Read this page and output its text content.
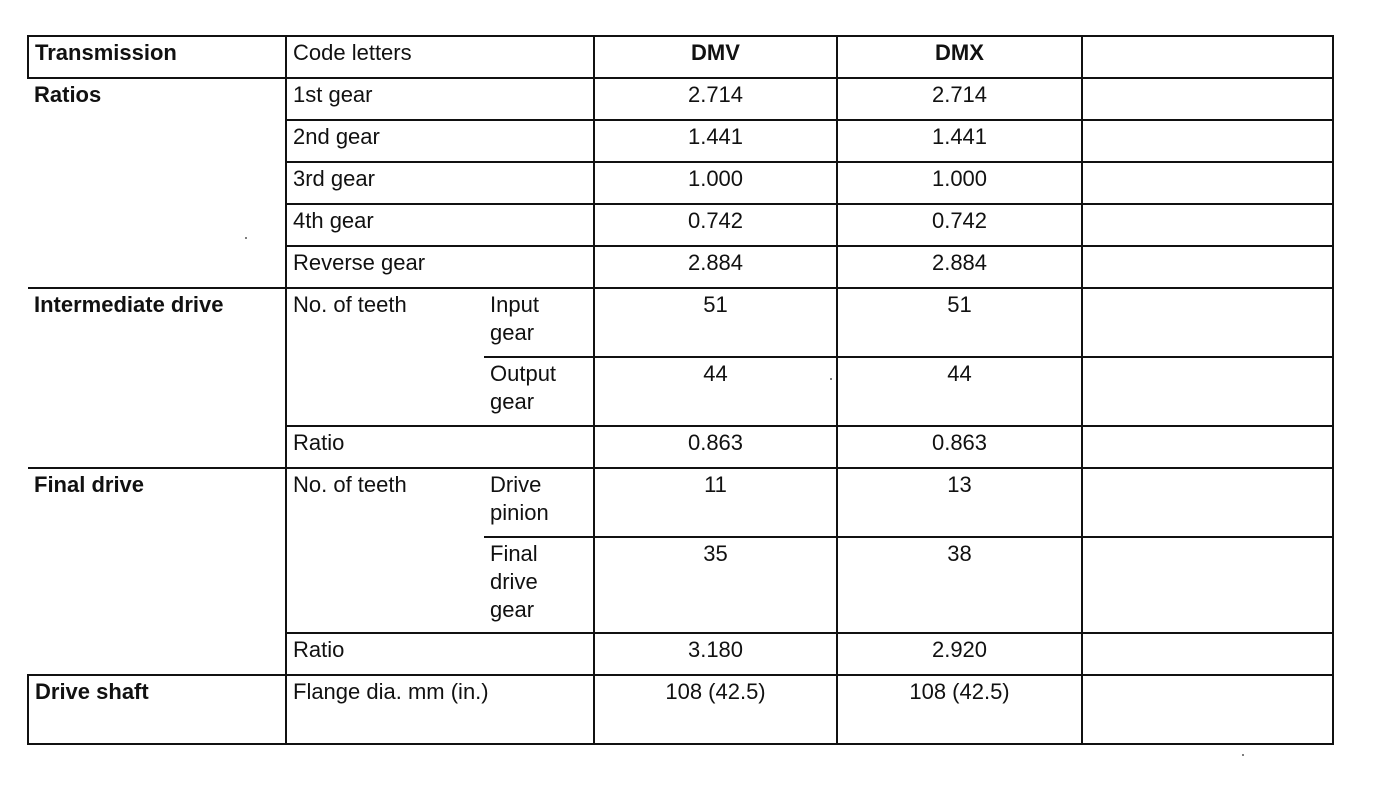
Transmission	Code letters		DMV	DMX	
Ratios	1st gear		2.714	2.714	
	2nd gear		1.441	1.441	
	3rd gear		1.000	1.000	
	4th gear		0.742	0.742	
	Reverse gear		2.884	2.884	
Intermediate drive	No. of teeth	Input gear	51	51	
		Output gear	44	44	
	Ratio		0.863	0.863	
Final drive	No. of teeth	Drive pinion	11	13	
		Final drive gear	35	38	
	Ratio		3.180	2.920	
Drive shaft	Flange dia. mm (in.)		108 (42.5)	108 (42.5)	
